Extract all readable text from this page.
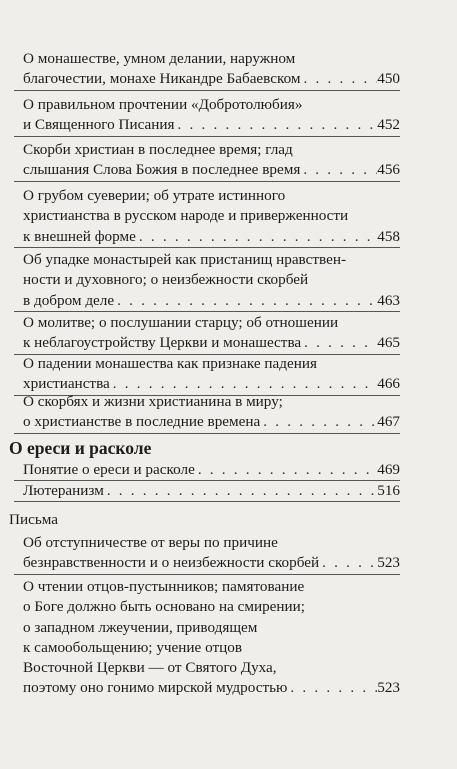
О монашестве, умном делании, наружном
благочестии, монахе Никандре Бабаевском . . .	450
О правильном прочтении «Добротолюбия»
и Священного Писания . . .	452
Скорби христиан в последнее время; глад
слышания Слова Божия в последнее время . . .	456
О грубом суеверии; об утрате истинного
христианства в русском народе и приверженности
к внешней форме . . .	458
Об упадке монастырей как пристанищ нравствен-
ности и духовного; о неизбежности скорбей
в добром деле . . .	463
О молитве; о послушании старцу; об отношении
к неблагоустройству Церкви и монашества . . .	465
О падении монашества как признаке падения
христианства . . .	466
О скорбях и жизни христианина в миру;
о христианстве в последние времена . . .	467
О ереси и расколе
Понятие о ереси и расколе . . .	469
Лютеранизм . . .	516
Письма
Об отступничестве от веры по причине
безнравственности и о неизбежности скорбей . . .	523
О чтении отцов-пустынников; памятование
о Боге должно быть основано на смирении;
о западном лжеучении, приводящем
к самообольщению; учение отцов
Восточной Церкви — от Святого Духа,
поэтому оно гонимо мирской мудростью . . .	523
